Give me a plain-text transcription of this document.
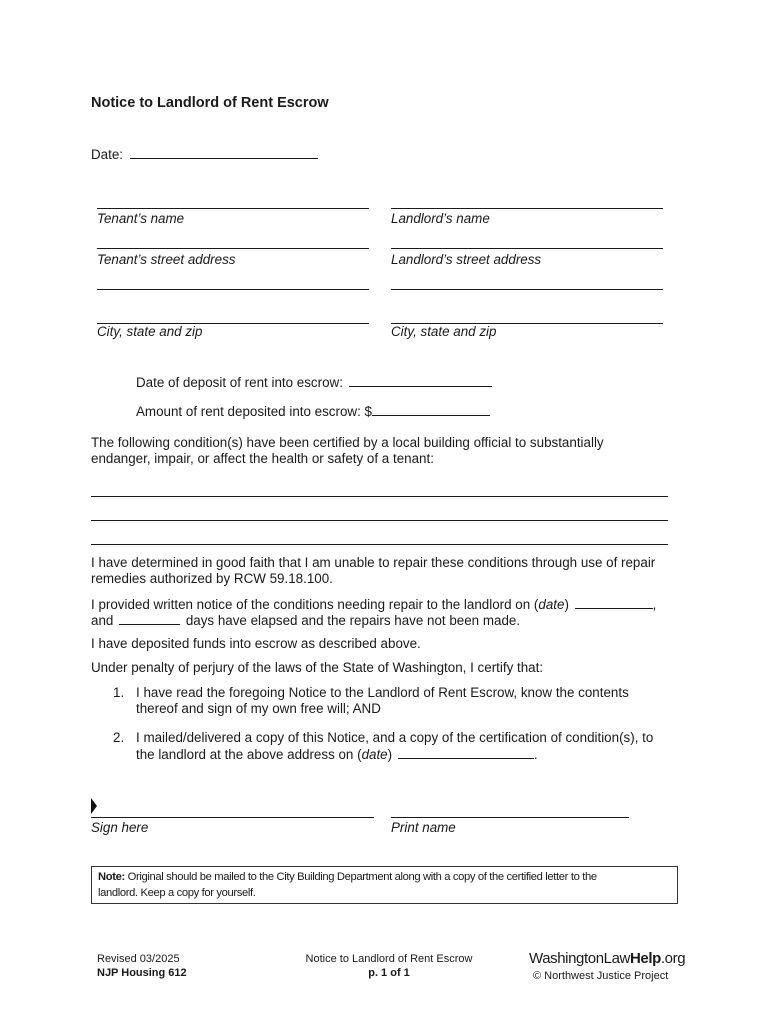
Notice to Landlord of Rent Escrow
Date:
Tenant’s name	Landlord’s name
Tenant’s street address	Landlord’s street address
City, state and zip	City, state and zip
Date of deposit of rent into escrow:
Amount of rent deposited into escrow: $
The following condition(s) have been certified by a local building official to substantially
endanger, impair, or affect the health or safety of a tenant:
I have determined in good faith that I am unable to repair these conditions through use of repair
remedies authorized by RCW 59.18.100.
I provided written notice of the conditions needing repair to the landlord on (date)	,
and	days have elapsed and the repairs have not been made.
I have deposited funds into escrow as described above.
Under penalty of perjury of the laws of the State of Washington, I certify that:
1. I have read the foregoing Notice to the Landlord of Rent Escrow, know the contents
thereof and sign of my own free will; AND
2. I mailed/delivered a copy of this Notice, and a copy of the certification of condition(s), to
the landlord at the above address on (date)	.
Sign here	Print name
Note: Original should be mailed to the City Building Department along with a copy of the certified letter to the
landlord. Keep a copy for yourself.
Revised 03/2025
NJP Housing 612
Notice to Landlord of Rent Escrow
p. 1 of 1
WashingtonLawHelp.org
© Northwest Justice Project
